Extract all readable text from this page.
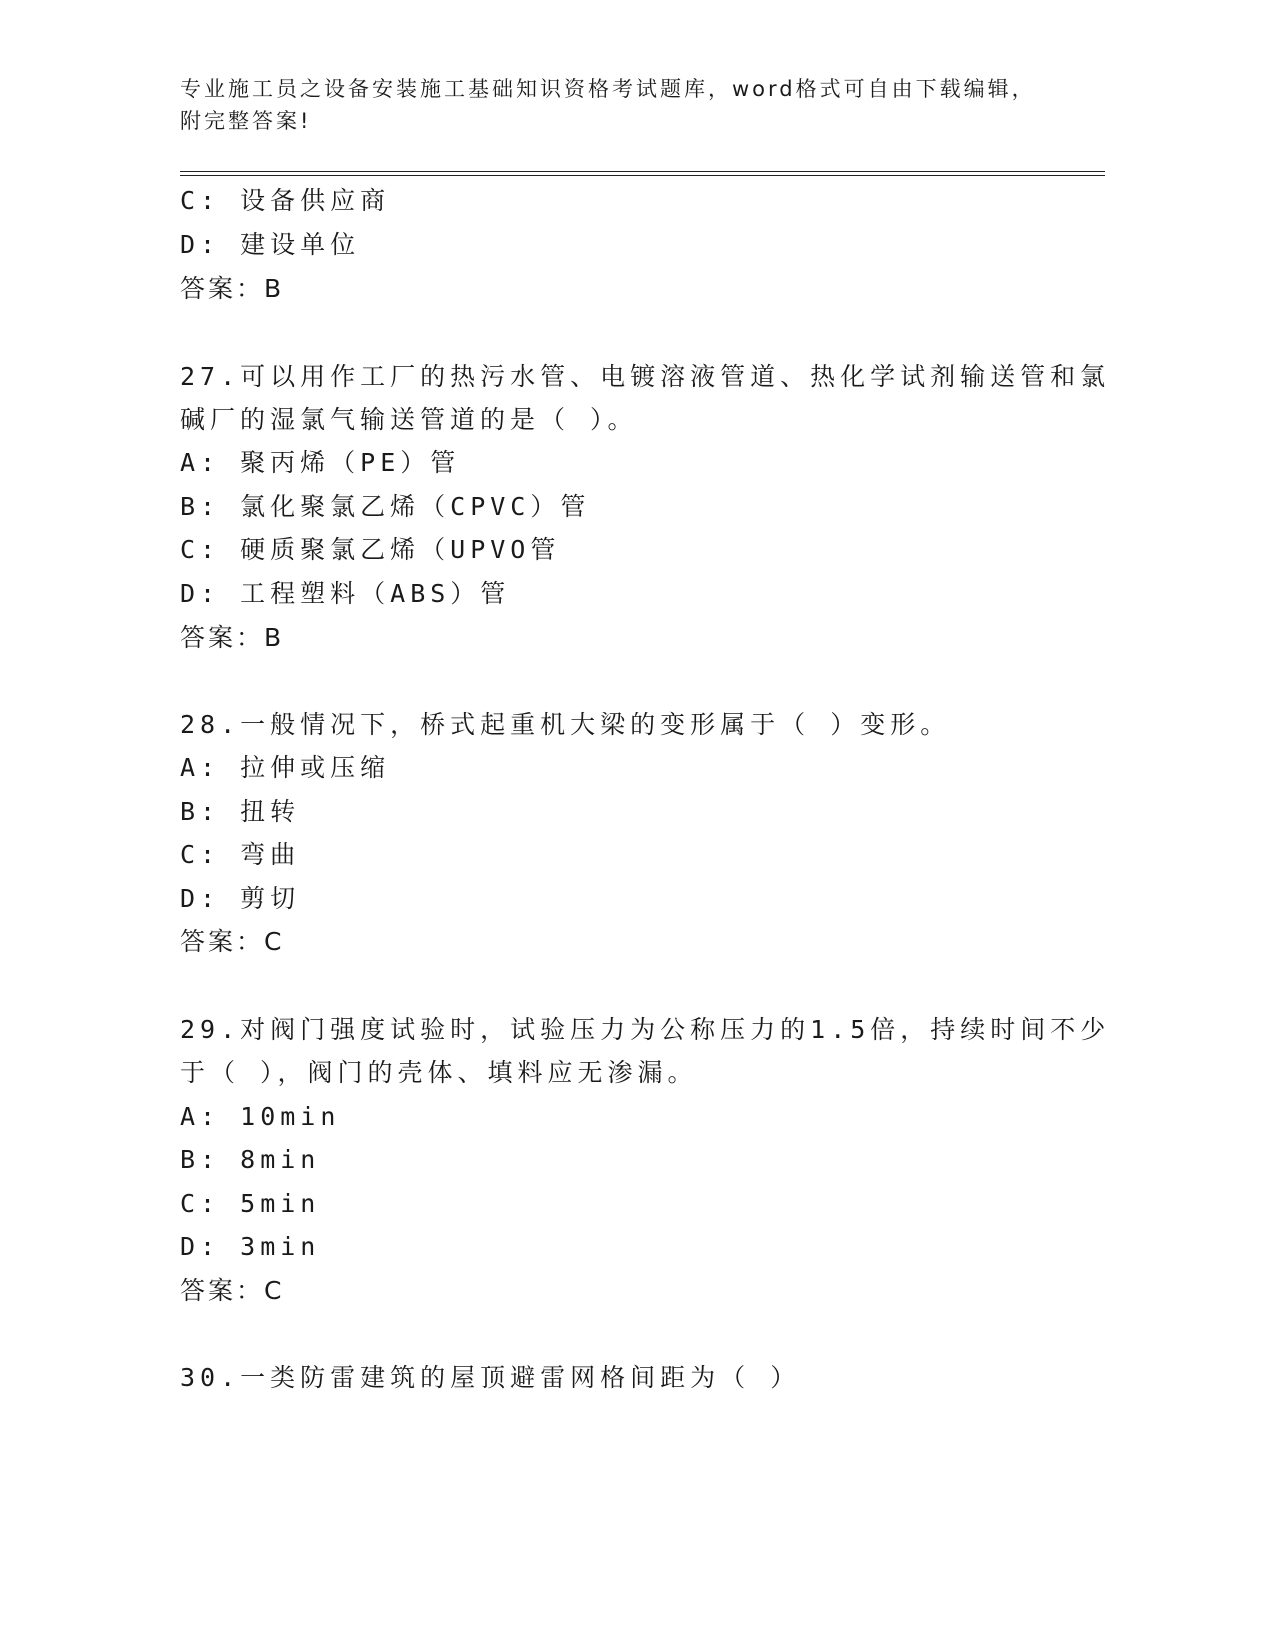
专业施工员之设备安装施工基础知识资格考试题库，word格式可自由下载编辑，
附完整答案!
C: 设备供应商
D: 建设单位
答案：B
27.可以用作工厂的热污水管、电镀溶液管道、热化学试剂输送管和氯
碱厂的湿氯气输送管道的是（ ）。
A: 聚丙烯（PE）管
B: 氯化聚氯乙烯（CPVC）管
C: 硬质聚氯乙烯（UPVO管
D: 工程塑料（ABS）管
答案：B
28.一般情况下，桥式起重机大梁的变形属于（ ）变形。
A: 拉伸或压缩
B: 扭转
C: 弯曲
D: 剪切
答案：C
29.对阀门强度试验时，试验压力为公称压力的1.5倍，持续时间不少
于（ ），阀门的壳体、填料应无渗漏。
A: 10min
B: 8min
C: 5min
D: 3min
答案：C
30.一类防雷建筑的屋顶避雷网格间距为（ ）
